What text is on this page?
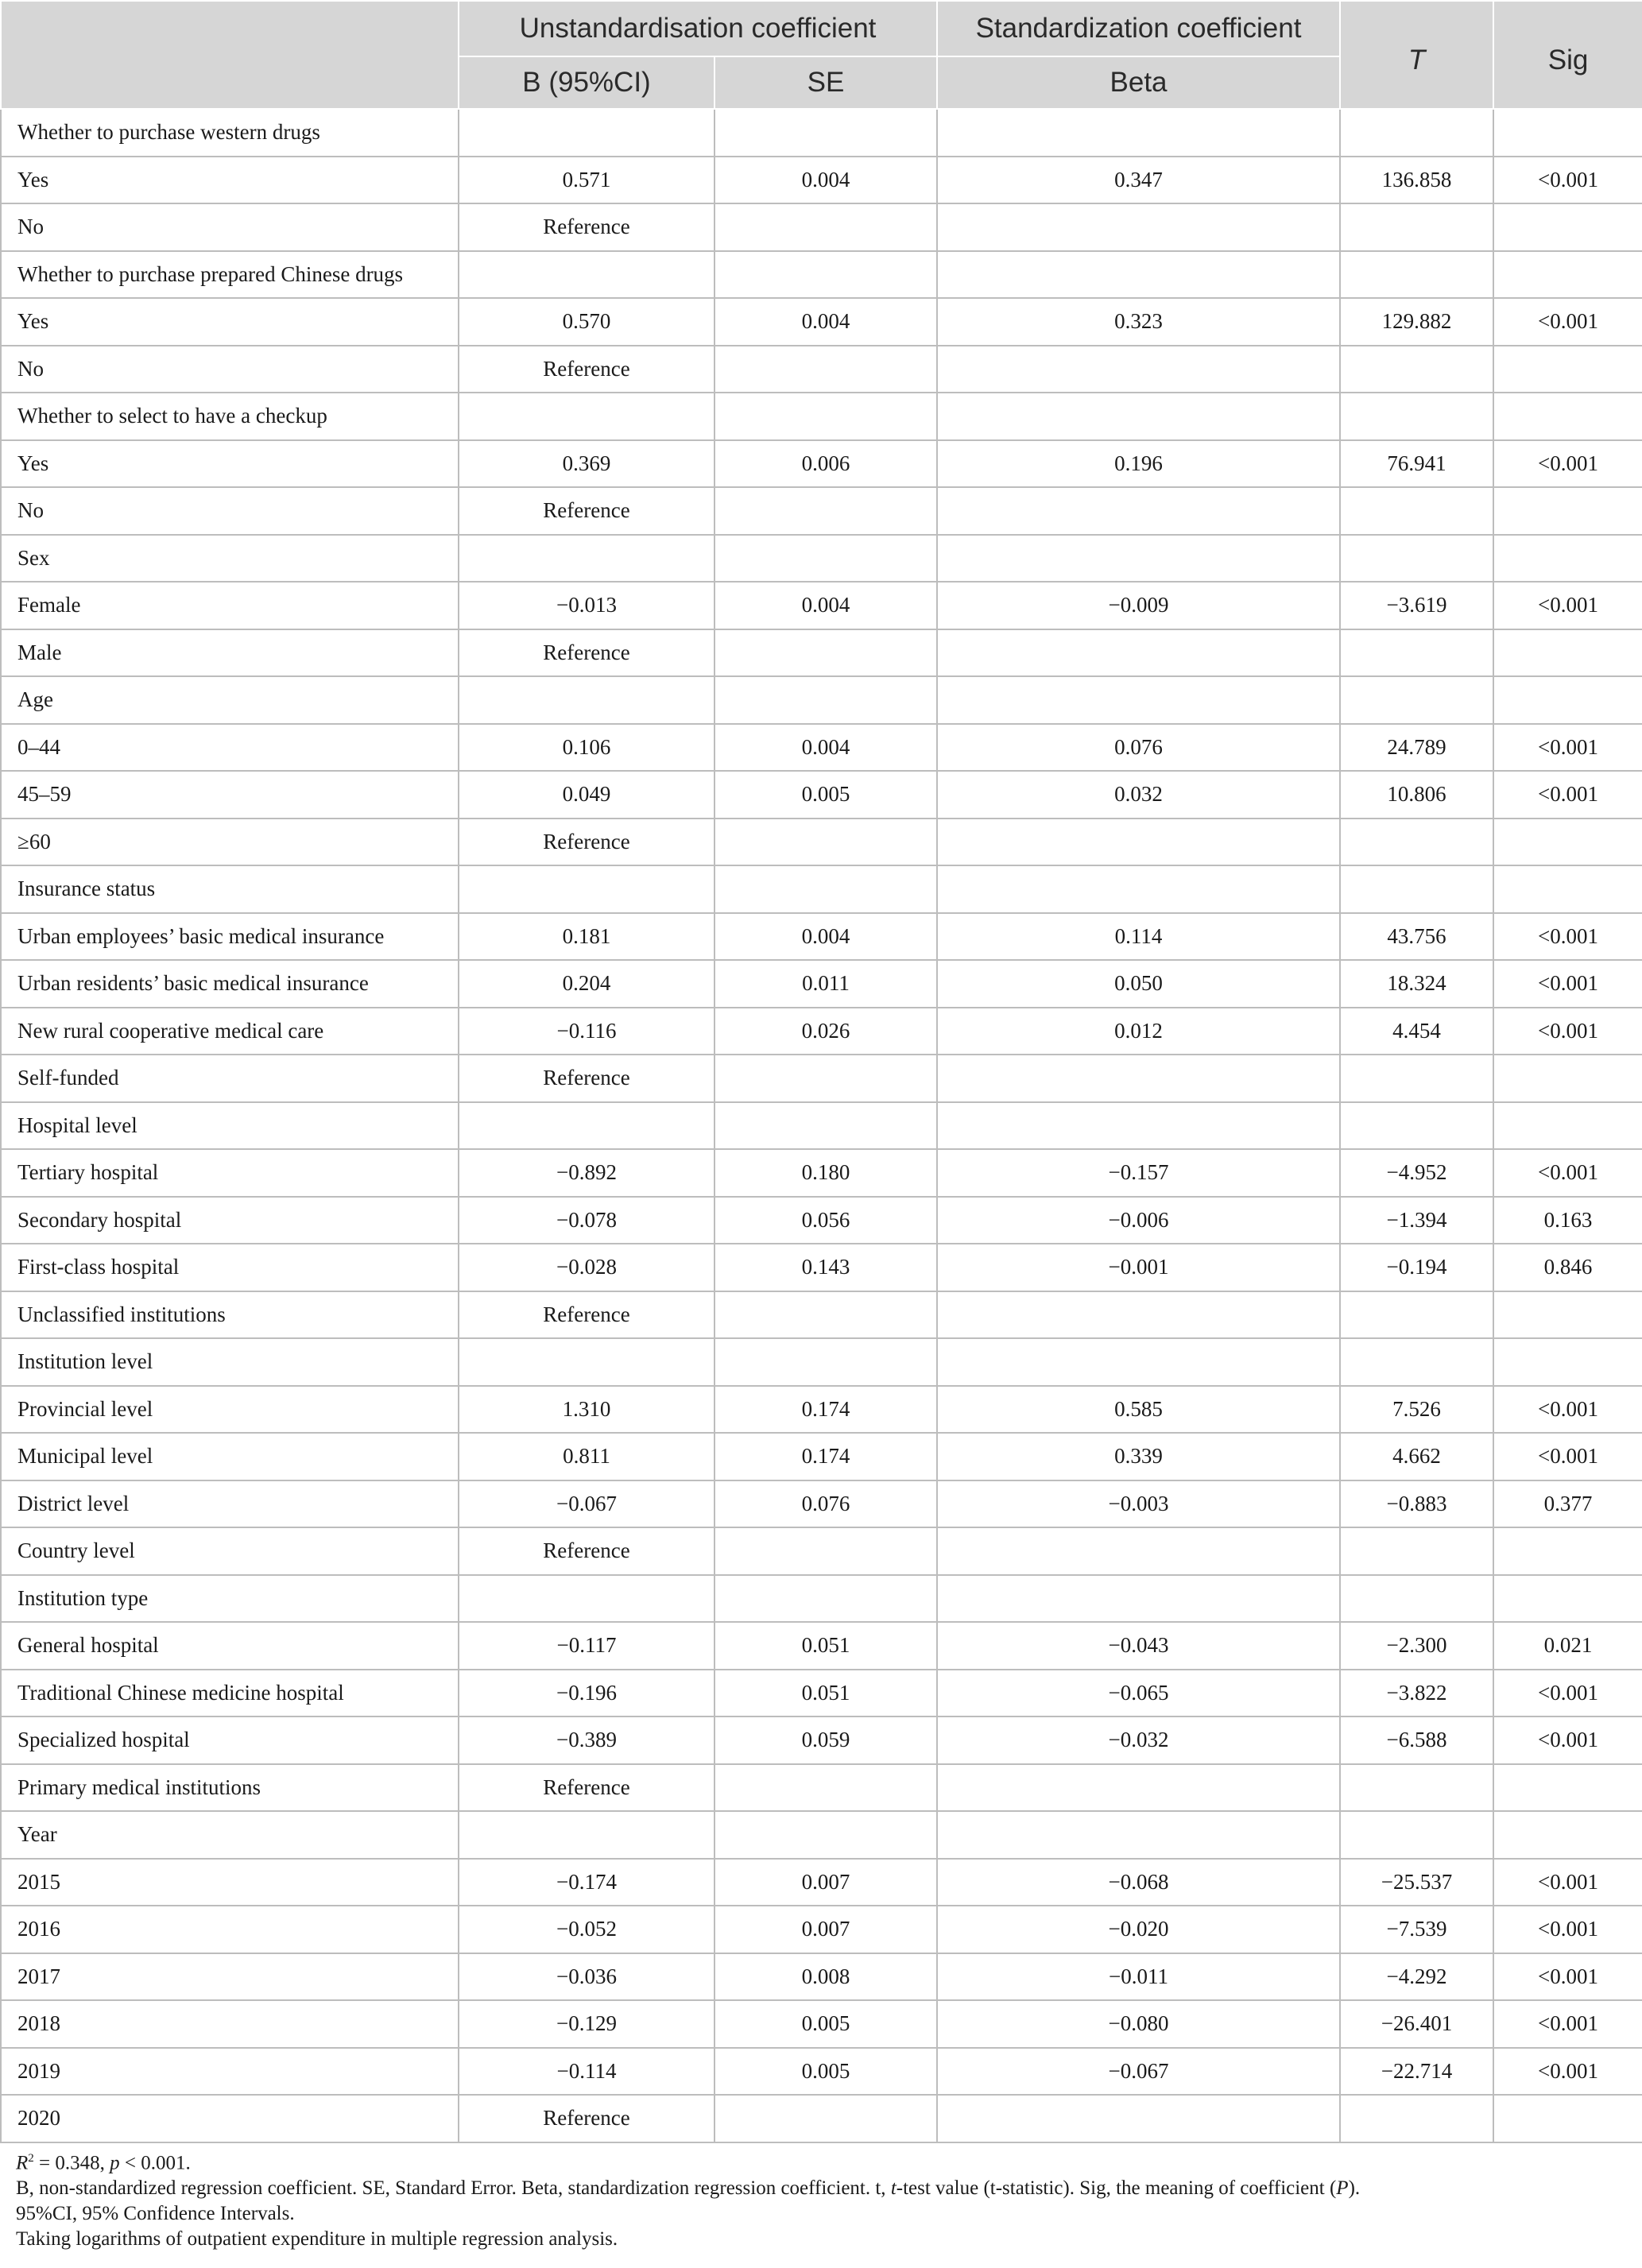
	Unstandardisation coefficient		Standardization coefficient	T	Sig
	B (95%CI)	SE	Beta		
Whether to purchase western drugs					
Yes	0.571	0.004	0.347	136.858	<0.001
No	Reference				
Whether to purchase prepared Chinese drugs					
Yes	0.570	0.004	0.323	129.882	<0.001
No	Reference				
Whether to select to have a checkup					
Yes	0.369	0.006	0.196	76.941	<0.001
No	Reference				
Sex					
Female	−0.013	0.004	−0.009	−3.619	<0.001
Male	Reference				
Age					
0–44	0.106	0.004	0.076	24.789	<0.001
45–59	0.049	0.005	0.032	10.806	<0.001
≥60	Reference				
Insurance status					
Urban employees’ basic medical insurance	0.181	0.004	0.114	43.756	<0.001
Urban residents’ basic medical insurance	0.204	0.011	0.050	18.324	<0.001
New rural cooperative medical care	−0.116	0.026	0.012	4.454	<0.001
Self-funded	Reference				
Hospital level					
Tertiary hospital	−0.892	0.180	−0.157	−4.952	<0.001
Secondary hospital	−0.078	0.056	−0.006	−1.394	0.163
First-class hospital	−0.028	0.143	−0.001	−0.194	0.846
Unclassified institutions	Reference				
Institution level					
Provincial level	1.310	0.174	0.585	7.526	<0.001
Municipal level	0.811	0.174	0.339	4.662	<0.001
District level	−0.067	0.076	−0.003	−0.883	0.377
Country level	Reference				
Institution type					
General hospital	−0.117	0.051	−0.043	−2.300	0.021
Traditional Chinese medicine hospital	−0.196	0.051	−0.065	−3.822	<0.001
Specialized hospital	−0.389	0.059	−0.032	−6.588	<0.001
Primary medical institutions	Reference				
Year					
2015	−0.174	0.007	−0.068	−25.537	<0.001
2016	−0.052	0.007	−0.020	−7.539	<0.001
2017	−0.036	0.008	−0.011	−4.292	<0.001
2018	−0.129	0.005	−0.080	−26.401	<0.001
2019	−0.114	0.005	−0.067	−22.714	<0.001
2020	Reference				
$R^2 = 0.348$, p < 0.001.
B, non-standardized regression coefficient. SE, Standard Error. Beta, standardization regression coefficient. t, t-test value (t-statistic). Sig, the meaning of coefficient (P).
95%CI, 95% Confidence Intervals.
Taking logarithms of outpatient expenditure in multiple regression analysis.
